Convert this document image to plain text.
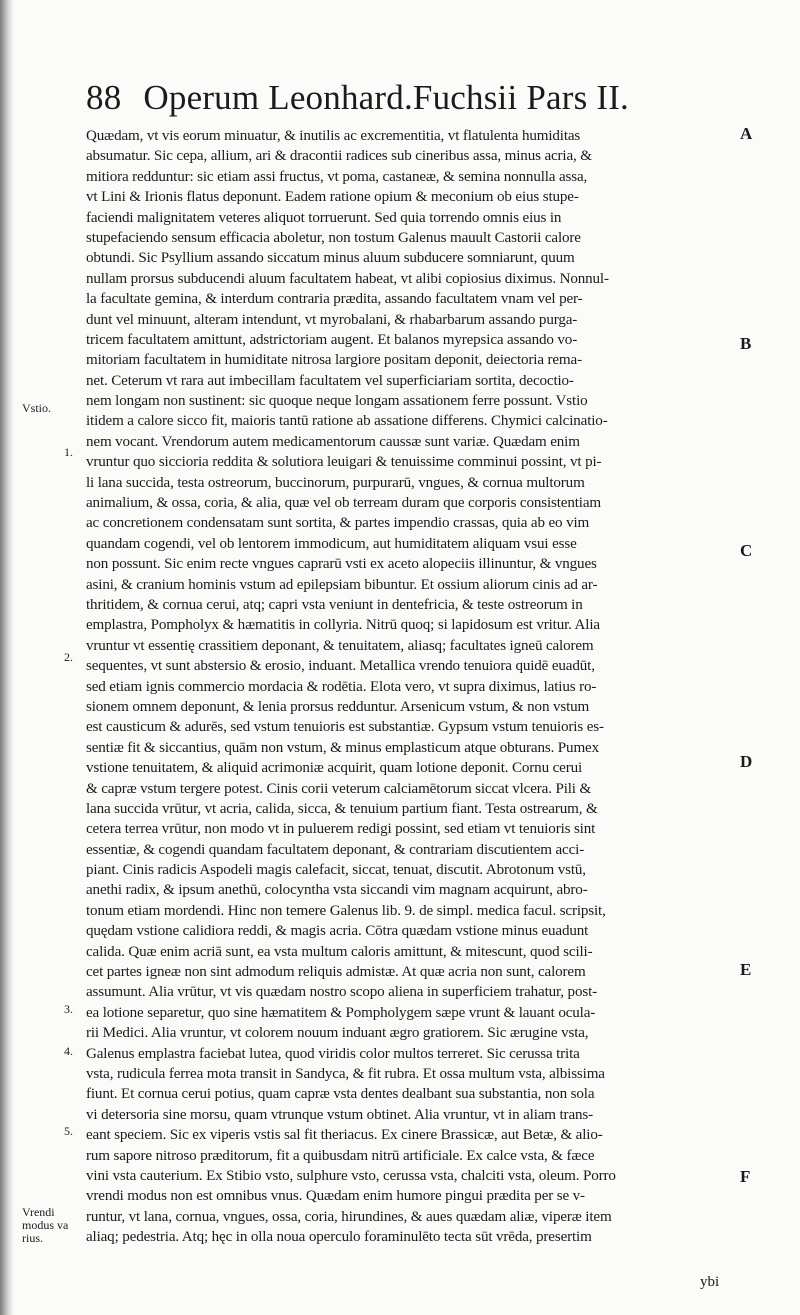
88 Operum Leonhard.Fuchsii Pars II.
Quædam, vt vis eorum minuatur, & inutilis ac excrementitia, vt flatulenta humiditas
absumatur. Sic cepa, allium, ari & dracontii radices sub cineribus assa, minus acria, &
mitiora redduntur: sic etiam assi fructus, vt poma, castaneæ, & semina nonnulla assa,
vt Lini & Irionis flatus deponunt. Eadem ratione opium & meconium ob eius stupe-
faciendi malignitatem veteres aliquot torruerunt. Sed quia torrendo omnis eius in
stupefaciendo sensum efficacia aboletur, non tostum Galenus mauult Castorii calore
obtundi. Sic Psyllium assando siccatum minus aluum subducere somniarunt, quum
nullam prorsus subducendi aluum facultatem habeat, vt alibi copiosius diximus. Nonnul-
la facultate gemina, & interdum contraria prædita, assando facultatem vnam vel per-
dunt vel minuunt, alteram intendunt, vt myrobalani, & rhabarbarum assando purga-
tricem facultatem amittunt, adstrictoriam augent. Et balanos myrepsica assando vo-
mitoriam facultatem in humiditate nitrosa largiore positam deponit, deiectoria rema-
net. Ceterum vt rara aut imbecillam facultatem vel superficiariam sortita, decoctio-
nem longam non sustinent: sic quoque neque longam assationem ferre possunt. Vstio
itidem a calore sicco fit, maioris tantū ratione ab assatione differens. Chymici calcinatio-
nem vocant. Vrendorum autem medicamentorum caussæ sunt variæ. Quædam enim
vruntur quo siccioria reddita & solutiora leuigari & tenuissime comminui possint, vt pi-
li lana succida, testa ostreorum, buccinorum, purpurarū, vngues, & cornua multorum
animalium, & ossa, coria, & alia, quæ vel ob terream duram que corporis consistentiam
ac concretionem condensatam sunt sortita, & partes impendio crassas, quia ab eo vim
quandam cogendi, vel ob lentorem immodicum, aut humiditatem aliquam vsui esse
non possunt. Sic enim recte vngues caprarū vsti ex aceto alopeciis illinuntur, & vngues
asini, & cranium hominis vstum ad epilepsiam bibuntur. Et ossium aliorum cinis ad ar-
thritidem, & cornua cerui, atq; capri vsta veniunt in dentefricia, & teste ostreorum in
emplastra, Pompholyx & hæmatitis in collyria. Nitrū quoq; si lapidosum est vritur. Alia
vruntur vt essentię crassitiem deponant, & tenuitatem, aliasq; facultates igneū calorem
sequentes, vt sunt abstersio & erosio, induant. Metallica vrendo tenuiora quidē euadūt,
sed etiam ignis commercio mordacia & rodētia. Elota vero, vt supra diximus, latius ro-
sionem omnem deponunt, & lenia prorsus redduntur. Arsenicum vstum, & non vstum
est causticum & adurēs, sed vstum tenuioris est substantiæ. Gypsum vstum tenuioris es-
sentiæ fit & siccantius, quām non vstum, & minus emplasticum atque obturans. Pumex
vstione tenuitatem, & aliquid acrimoniæ acquirit, quam lotione deponit. Cornu cerui
& capræ vstum tergere potest. Cinis corii veterum calciamētorum siccat vlcera. Pili &
lana succida vrūtur, vt acria, calida, sicca, & tenuium partium fiant. Testa ostrearum, &
cetera terrea vrūtur, non modo vt in puluerem redigi possint, sed etiam vt tenuioris sint
essentiæ, & cogendi quandam facultatem deponant, & contrariam discutientem acci-
piant. Cinis radicis Aspodeli magis calefacit, siccat, tenuat, discutit. Abrotonum vstū,
anethi radix, & ipsum anethū, colocyntha vsta siccandi vim magnam acquirunt, abro-
tonum etiam mordendi. Hinc non temere Galenus lib. 9. de simpl. medica facul. scripsit,
quędam vstione calidiora reddi, & magis acria. Cōtra quædam vstione minus euadunt
calida. Quæ enim acriā sunt, ea vsta multum caloris amittunt, & mitescunt, quod scili-
cet partes igneæ non sint admodum reliquis admistæ. At quæ acria non sunt, calorem
assumunt. Alia vrūtur, vt vis quædam nostro scopo aliena in superficiem trahatur, post-
ea lotione separetur, quo sine hæmatitem & Pompholygem sæpe vrunt & lauant ocula-
rii Medici. Alia vruntur, vt colorem nouum induant ægro gratiorem. Sic ærugine vsta,
Galenus emplastra faciebat lutea, quod viridis color multos terreret. Sic cerussa trita
vsta, rudicula ferrea mota transit in Sandyca, & fit rubra. Et ossa multum vsta, albissima
fiunt. Et cornua cerui potius, quam capræ vsta dentes dealbant sua substantia, non sola
vi detersoria sine morsu, quam vtrunque vstum obtinet. Alia vruntur, vt in aliam trans-
eant speciem. Sic ex viperis vstis sal fit theriacus. Ex cinere Brassicæ, aut Betæ, & alio-
rum sapore nitroso præditorum, fit a quibusdam nitrū artificiale. Ex calce vsta, & fæce
vini vsta cauterium. Ex Stibio vsto, sulphure vsto, cerussa vsta, chalciti vsta, oleum. Porro
vrendi modus non est omnibus vnus. Quædam enim humore pingui prædita per se v-
runtur, vt lana, cornua, vngues, ossa, coria, hirundines, & aues quædam aliæ, viperæ item
aliaq; pedestria. Atq; hęc in olla noua operculo foraminulēto tecta sūt vrēda, presertim
Vstio.
1.
2.
3.
4.
5.
Vrendi modus va rius.
A
B
C
D
E
F
ybi
